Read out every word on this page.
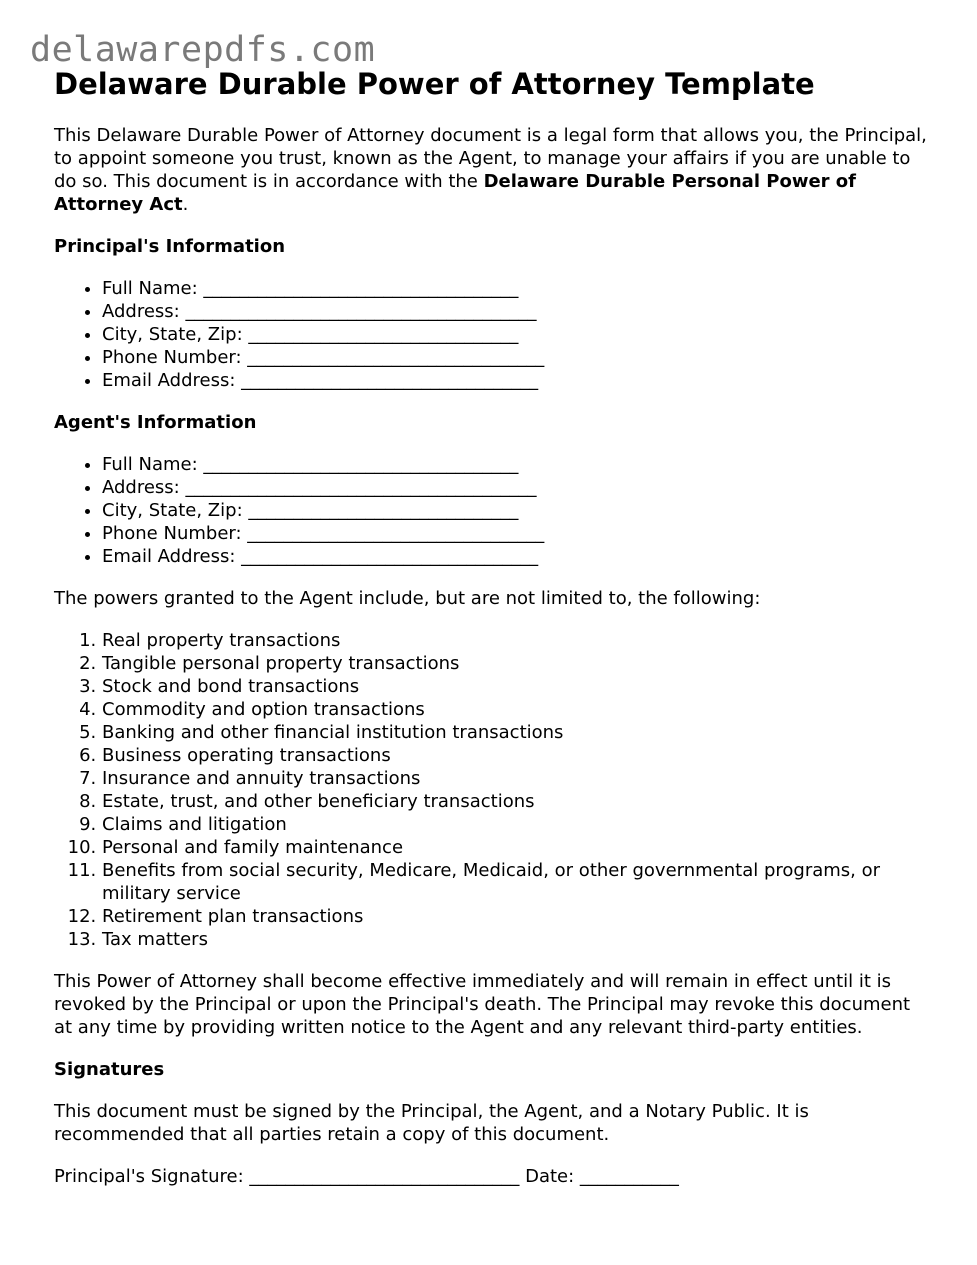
delawarepdfs.com
Delaware Durable Power of Attorney Template

This Delaware Durable Power of Attorney document is a legal form that allows you, the Principal, to appoint someone you trust, known as the Agent, to manage your affairs if you are unable to do so. This document is in accordance with the Delaware Durable Personal Power of Attorney Act.

Principal's Information
• Full Name: ___________________________________
• Address: _______________________________________
• City, State, Zip: ______________________________
• Phone Number: _________________________________
• Email Address: _________________________________
Agent's Information
• Full Name: ___________________________________
• Address: _______________________________________
• City, State, Zip: ______________________________
• Phone Number: _________________________________
• Email Address: _________________________________

The powers granted to the Agent include, but are not limited to, the following:

1. Real property transactions
2. Tangible personal property transactions
3. Stock and bond transactions
4. Commodity and option transactions
5. Banking and other financial institution transactions
6. Business operating transactions
7. Insurance and annuity transactions
8. Estate, trust, and other beneficiary transactions
9. Claims and litigation
10. Personal and family maintenance
11. Benefits from social security, Medicare, Medicaid, or other governmental programs, or military service
12. Retirement plan transactions
13. Tax matters

This Power of Attorney shall become effective immediately and will remain in effect until it is revoked by the Principal or upon the Principal's death. The Principal may revoke this document at any time by providing written notice to the Agent and any relevant third-party entities.

Signatures

This document must be signed by the Principal, the Agent, and a Notary Public. It is recommended that all parties retain a copy of this document.

Principal's Signature: ______________________________ Date: ___________
